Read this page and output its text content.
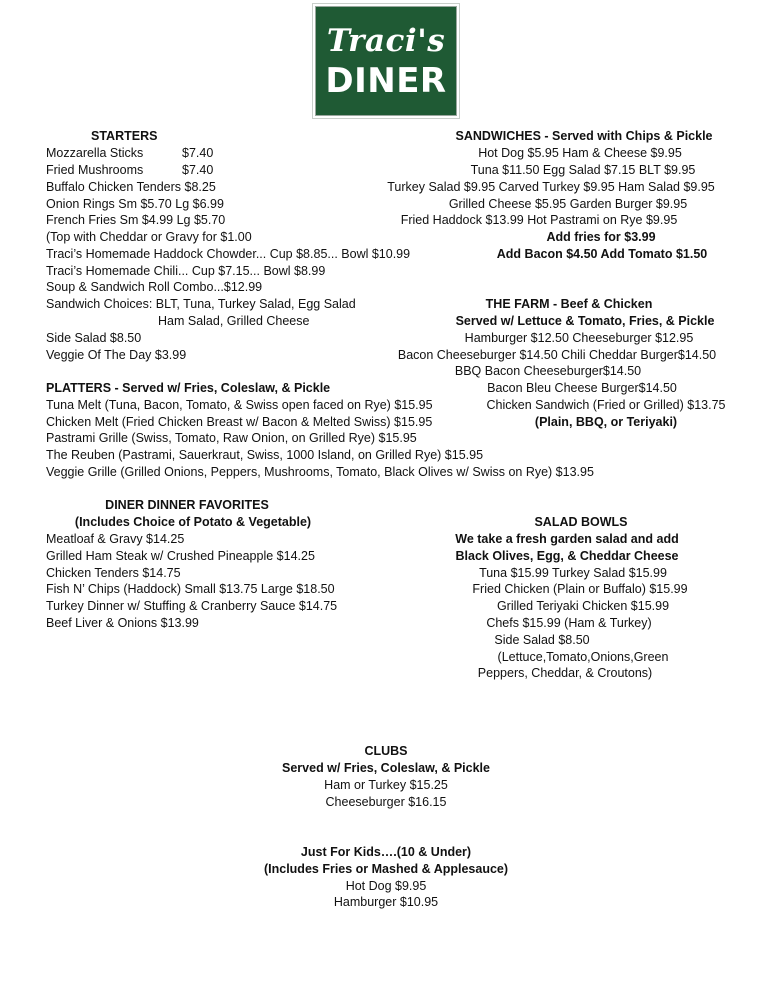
Traci's
DINER
STARTERS
Mozzarella Sticks	$7.40
Fried Mushrooms	$7.40
Buffalo Chicken Tenders $8.25
Onion Rings Sm $5.70 Lg $6.99
French Fries Sm $4.99 Lg $5.70
(Top with Cheddar or Gravy for $1.00
Traci’s Homemade Haddock Chowder... Cup $8.85... Bowl $10.99
Traci’s Homemade Chili... Cup $7.15... Bowl $8.99
Soup & Sandwich Roll Combo...$12.99
Sandwich Choices: BLT, Tuna, Turkey Salad, Egg Salad
Ham Salad, Grilled Cheese
Side Salad $8.50
Veggie Of The Day $3.99
SANDWICHES - Served with Chips & Pickle
Hot Dog $5.95 Ham & Cheese $9.95
Tuna $11.50 Egg Salad $7.15 BLT $9.95
Turkey Salad $9.95 Carved Turkey $9.95 Ham Salad $9.95
Grilled Cheese $5.95 Garden Burger $9.95
Fried Haddock $13.99 Hot Pastrami on Rye $9.95
Add fries for $3.99
Add Bacon $4.50 Add Tomato $1.50
THE FARM - Beef & Chicken
Served w/ Lettuce & Tomato, Fries, & Pickle
Hamburger $12.50 Cheeseburger $12.95
Bacon Cheeseburger $14.50 Chili Cheddar Burger$14.50
BBQ Bacon Cheeseburger$14.50
Bacon Bleu Cheese Burger$14.50
Chicken Sandwich (Fried or Grilled) $13.75
(Plain, BBQ, or Teriyaki)
PLATTERS - Served w/ Fries, Coleslaw, & Pickle
Tuna Melt (Tuna, Bacon, Tomato, & Swiss open faced on Rye) $15.95
Chicken Melt (Fried Chicken Breast w/ Bacon & Melted Swiss) $15.95
Pastrami Grille (Swiss, Tomato, Raw Onion, on Grilled Rye) $15.95
The Reuben (Pastrami, Sauerkraut, Swiss, 1000 Island, on Grilled Rye) $15.95
Veggie Grille (Grilled Onions, Peppers, Mushrooms, Tomato, Black Olives w/ Swiss on Rye) $13.95
DINER DINNER FAVORITES
(Includes Choice of Potato & Vegetable)
Meatloaf & Gravy $14.25
Grilled Ham Steak w/ Crushed Pineapple $14.25
Chicken Tenders $14.75
Fish N’ Chips (Haddock) Small $13.75 Large $18.50
Turkey Dinner w/ Stuffing & Cranberry Sauce $14.75
Beef Liver & Onions $13.99
SALAD BOWLS
We take a fresh garden salad and add
Black Olives, Egg, & Cheddar Cheese
Tuna $15.99 Turkey Salad $15.99
Fried Chicken (Plain or Buffalo) $15.99
Grilled Teriyaki Chicken $15.99
Chefs $15.99 (Ham & Turkey)
Side Salad $8.50
(Lettuce,Tomato,Onions,Green
Peppers, Cheddar, & Croutons)
CLUBS
Served w/ Fries, Coleslaw, & Pickle
Ham or Turkey $15.25
Cheeseburger $16.15
Just For Kids….(10 & Under)
(Includes Fries or Mashed & Applesauce)
Hot Dog $9.95
Hamburger $10.95
